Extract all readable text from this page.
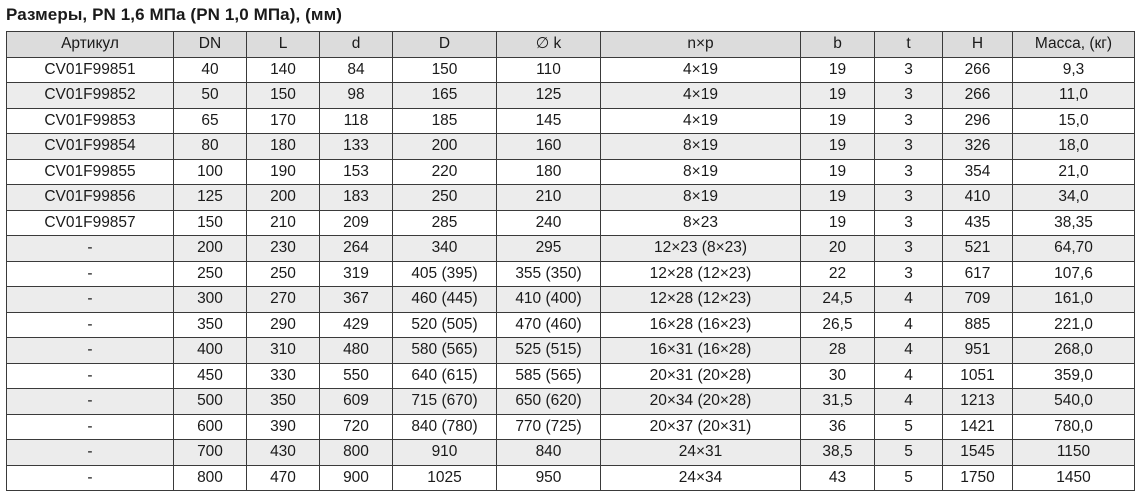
Размеры, PN 1,6 МПа (PN 1,0 МПа), (мм)
Артикул	DN	L	d	D	∅ k	n×p	b	t	H	Масса, (кг)
CV01F99851	40	140	84	150	110	4×19	19	3	266	9,3
CV01F99852	50	150	98	165	125	4×19	19	3	266	11,0
CV01F99853	65	170	118	185	145	4×19	19	3	296	15,0
CV01F99854	80	180	133	200	160	8×19	19	3	326	18,0
CV01F99855	100	190	153	220	180	8×19	19	3	354	21,0
CV01F99856	125	200	183	250	210	8×19	19	3	410	34,0
CV01F99857	150	210	209	285	240	8×23	19	3	435	38,35
-	200	230	264	340	295	12×23 (8×23)	20	3	521	64,70
-	250	250	319	405 (395)	355 (350)	12×28 (12×23)	22	3	617	107,6
-	300	270	367	460 (445)	410 (400)	12×28 (12×23)	24,5	4	709	161,0
-	350	290	429	520 (505)	470 (460)	16×28 (16×23)	26,5	4	885	221,0
-	400	310	480	580 (565)	525 (515)	16×31 (16×28)	28	4	951	268,0
-	450	330	550	640 (615)	585 (565)	20×31 (20×28)	30	4	1051	359,0
-	500	350	609	715 (670)	650 (620)	20×34 (20×28)	31,5	4	1213	540,0
-	600	390	720	840 (780)	770 (725)	20×37 (20×31)	36	5	1421	780,0
-	700	430	800	910	840	24×31	38,5	5	1545	1150
-	800	470	900	1025	950	24×34	43	5	1750	1450
